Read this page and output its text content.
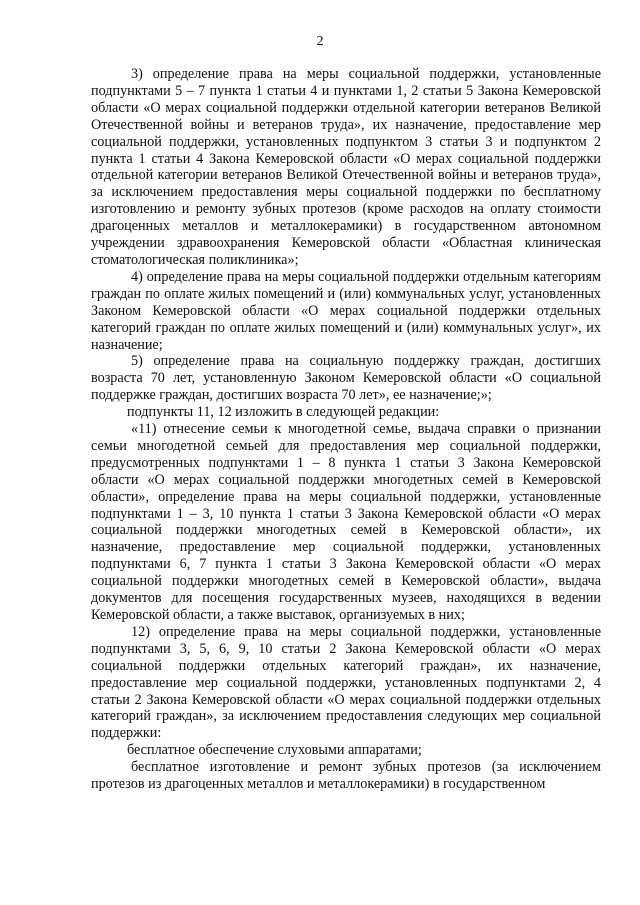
2

3) определение права на меры социальной поддержки, установленные подпунктами 5 – 7 пункта 1 статьи 4 и пунктами 1, 2 статьи 5 Закона Кемеровской области «О мерах социальной поддержки отдельной категории ветеранов Великой Отечественной войны и ветеранов труда», их назначение, предоставление мер социальной поддержки, установленных подпунктом 3 статьи 3 и подпунктом 2 пункта 1 статьи 4 Закона Кемеровской области «О мерах социальной поддержки отдельной категории ветеранов Великой Отечественной войны и ветеранов труда», за исключением предоставления меры социальной поддержки по бесплатному изготовлению и ремонту зубных протезов (кроме расходов на оплату стоимости драгоценных металлов и металлокерамики) в государственном автономном учреждении здравоохранения Кемеровской области «Областная клиническая стоматологическая поликлиника»;

4) определение права на меры социальной поддержки отдельным категориям граждан по оплате жилых помещений и (или) коммунальных услуг, установленных Законом Кемеровской области «О мерах социальной поддержки отдельных категорий граждан по оплате жилых помещений и (или) коммунальных услуг», их назначение;

5) определение права на социальную поддержку граждан, достигших возраста 70 лет, установленную Законом Кемеровской области «О социальной поддержке граждан, достигших возраста 70 лет», ее назначение;»;

подпункты 11, 12 изложить в следующей редакции:

«11) отнесение семьи к многодетной семье, выдача справки о признании семьи многодетной семьей для предоставления мер социальной поддержки, предусмотренных подпунктами 1 – 8 пункта 1 статьи 3 Закона Кемеровской области «О мерах социальной поддержки многодетных семей в Кемеровской области», определение права на меры социальной поддержки, установленные подпунктами 1 – 3, 10 пункта 1 статьи 3 Закона Кемеровской области «О мерах социальной поддержки многодетных семей в Кемеровской области», их назначение, предоставление мер социальной поддержки, установленных подпунктами 6, 7 пункта 1 статьи 3 Закона Кемеровской области «О мерах социальной поддержки многодетных семей в Кемеровской области», выдача документов для посещения государственных музеев, находящихся в ведении Кемеровской области, а также выставок, организуемых в них;

12) определение права на меры социальной поддержки, установленные подпунктами 3, 5, 6, 9, 10 статьи 2 Закона Кемеровской области «О мерах социальной поддержки отдельных категорий граждан», их назначение, предоставление мер социальной поддержки, установленных подпунктами 2, 4 статьи 2 Закона Кемеровской области «О мерах социальной поддержки отдельных категорий граждан», за исключением предоставления следующих мер социальной поддержки:

бесплатное обеспечение слуховыми аппаратами;

бесплатное изготовление и ремонт зубных протезов (за исключением протезов из драгоценных металлов и металлокерамики) в государственном
